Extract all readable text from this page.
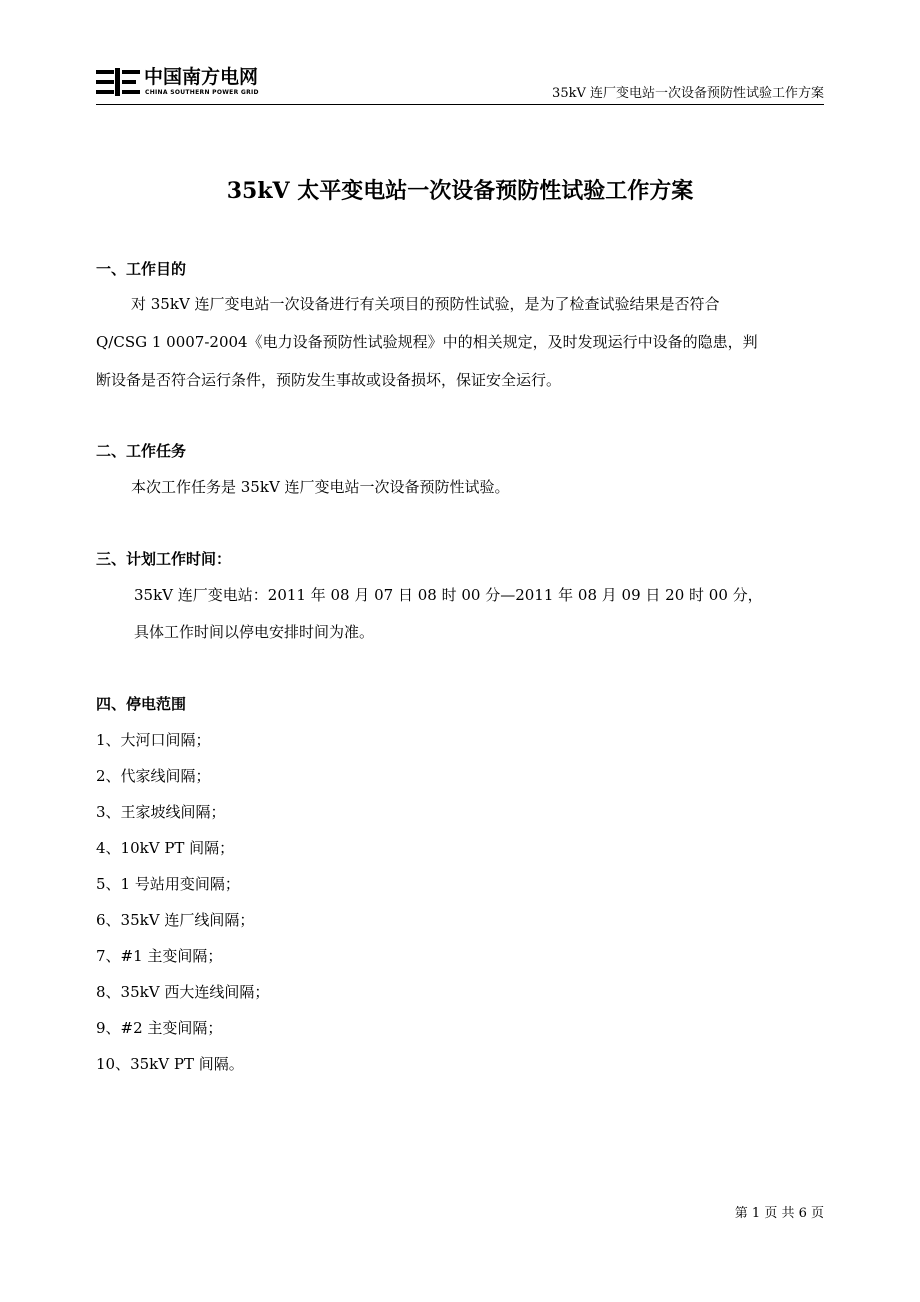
中国南方电网
CHINA SOUTHERN POWER GRID	35kV 连厂变电站一次设备预防性试验工作方案
35kV 太平变电站一次设备预防性试验工作方案
一、工作目的
对 35kV 连厂变电站一次设备进行有关项目的预防性试验，是为了检查试验结果是否符合
Q/CSG 1 0007-2004《电力设备预防性试验规程》中的相关规定，及时发现运行中设备的隐患，判
断设备是否符合运行条件，预防发生事故或设备损坏，保证安全运行。
二、工作任务
本次工作任务是 35kV 连厂变电站一次设备预防性试验。
三、计划工作时间：
35kV 连厂变电站：2011 年 08 月 07 日 08 时 00 分—2011 年 08 月 09 日 20 时 00 分，
具体工作时间以停电安排时间为准。
四、停电范围
1、大河口间隔；
2、代家线间隔；
3、王家坡线间隔；
4、10kV PT 间隔；
5、1 号站用变间隔；
6、35kV 连厂线间隔；
7、#1 主变间隔；
8、35kV 西大连线间隔；
9、#2 主变间隔；
10、35kV PT 间隔。
第 1 页 共 6 页
